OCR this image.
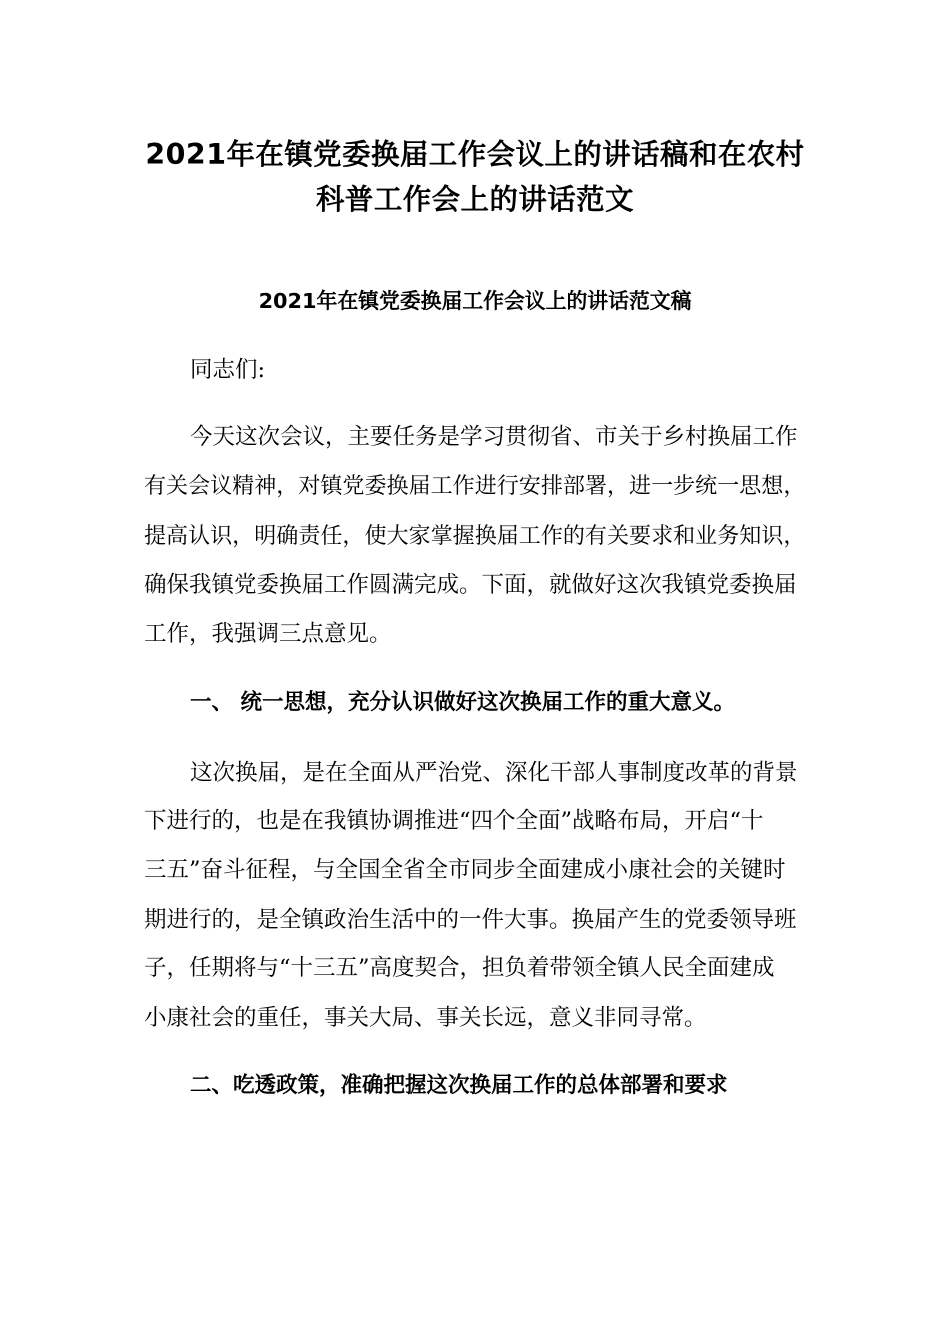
2021年在镇党委换届工作会议上的讲话稿和在农村
科普工作会上的讲话范文
2021年在镇党委换届工作会议上的讲话范文稿
同志们:
今天这次会议，主要任务是学习贯彻省、市关于乡村换届工作
有关会议精神，对镇党委换届工作进行安排部署，进一步统一思想，
提高认识，明确责任，使大家掌握换届工作的有关要求和业务知识，
确保我镇党委换届工作圆满完成。下面，就做好这次我镇党委换届
工作，我强调三点意见。
一、 统一思想，充分认识做好这次换届工作的重大意义。
这次换届，是在全面从严治党、深化干部人事制度改革的背景
下进行的，也是在我镇协调推进“四个全面”战略布局，开启“十
三五”奋斗征程，与全国全省全市同步全面建成小康社会的关键时
期进行的，是全镇政治生活中的一件大事。换届产生的党委领导班
子，任期将与“十三五”高度契合，担负着带领全镇人民全面建成
小康社会的重任，事关大局、事关长远，意义非同寻常。
二、吃透政策，准确把握这次换届工作的总体部署和要求
